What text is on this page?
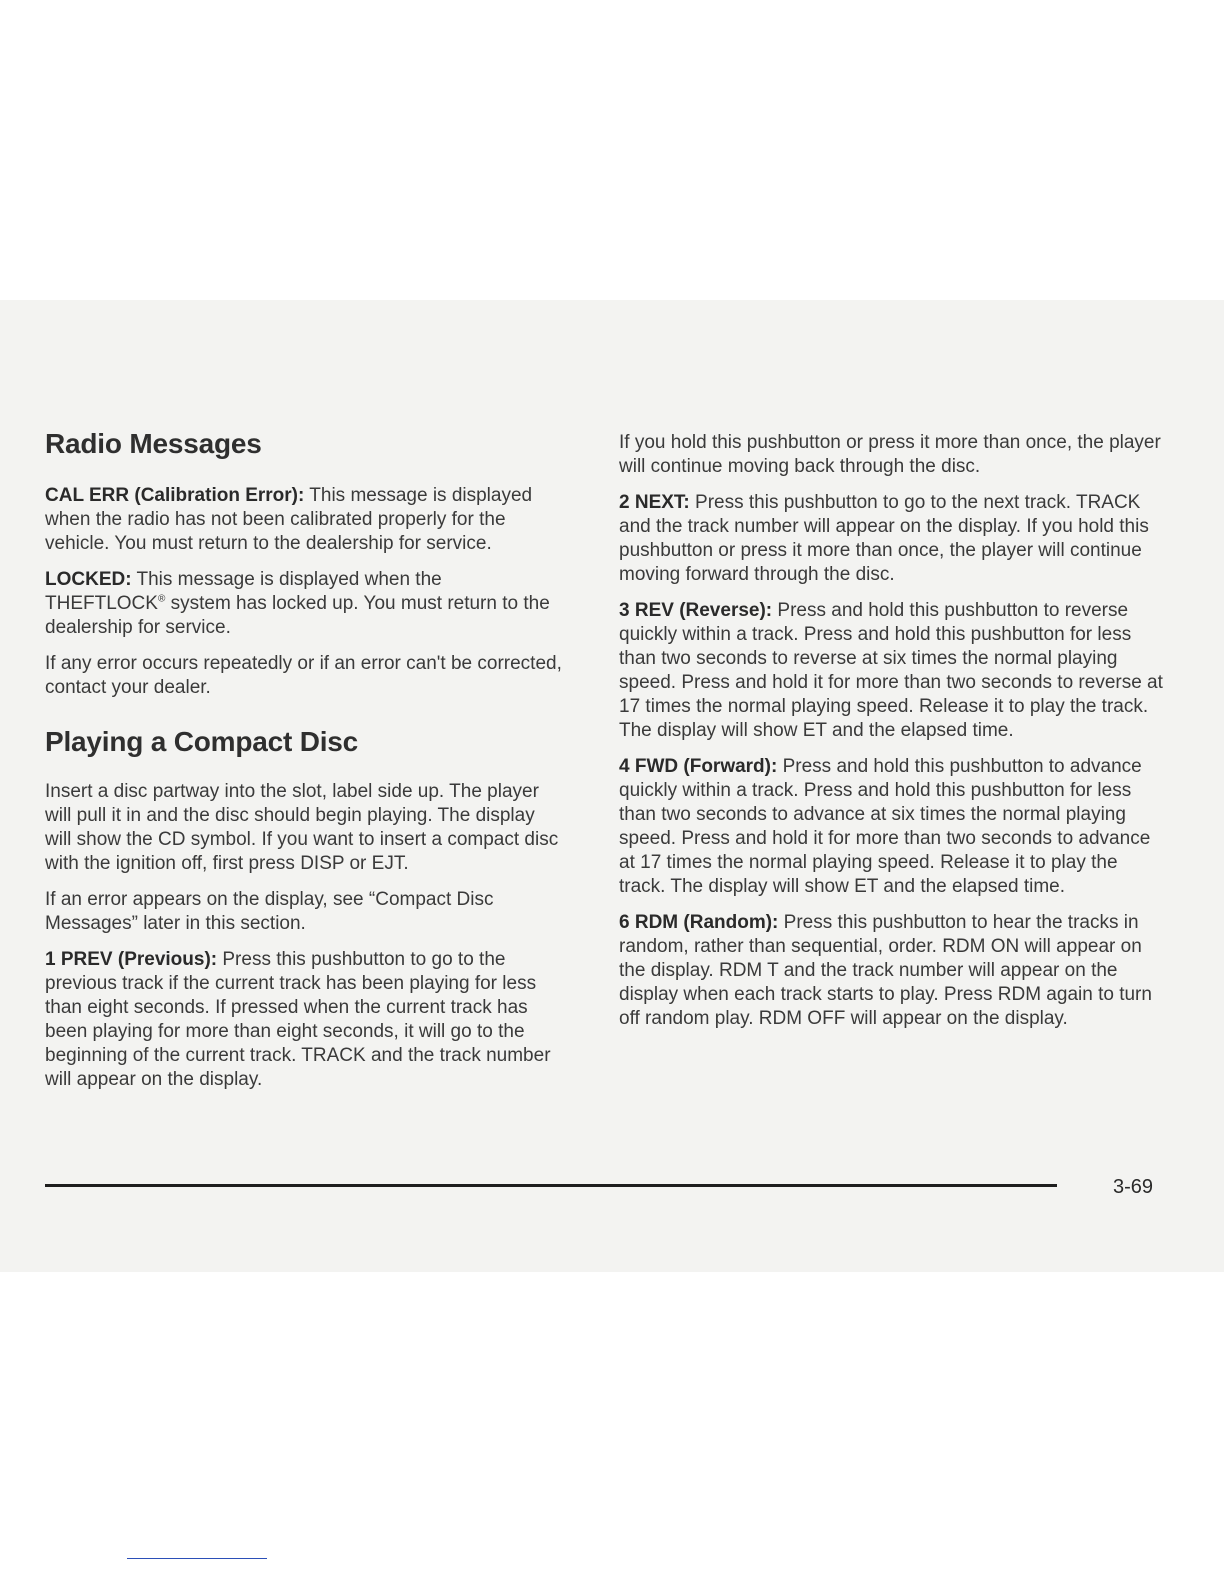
Radio Messages

CAL ERR (Calibration Error): This message is displayed when the radio has not been calibrated properly for the vehicle. You must return to the dealership for service.

LOCKED: This message is displayed when the THEFTLOCK® system has locked up. You must return to the dealership for service.

If any error occurs repeatedly or if an error can't be corrected, contact your dealer.

Playing a Compact Disc

Insert a disc partway into the slot, label side up. The player will pull it in and the disc should begin playing. The display will show the CD symbol. If you want to insert a compact disc with the ignition off, first press DISP or EJT.

If an error appears on the display, see “Compact Disc Messages” later in this section.

1 PREV (Previous): Press this pushbutton to go to the previous track if the current track has been playing for less than eight seconds. If pressed when the current track has been playing for more than eight seconds, it will go to the beginning of the current track. TRACK and the track number will appear on the display.

If you hold this pushbutton or press it more than once, the player will continue moving back through the disc.

2 NEXT: Press this pushbutton to go to the next track. TRACK and the track number will appear on the display. If you hold this pushbutton or press it more than once, the player will continue moving forward through the disc.

3 REV (Reverse): Press and hold this pushbutton to reverse quickly within a track. Press and hold this pushbutton for less than two seconds to reverse at six times the normal playing speed. Press and hold it for more than two seconds to reverse at 17 times the normal playing speed. Release it to play the track. The display will show ET and the elapsed time.

4 FWD (Forward): Press and hold this pushbutton to advance quickly within a track. Press and hold this pushbutton for less than two seconds to advance at six times the normal playing speed. Press and hold it for more than two seconds to advance at 17 times the normal playing speed. Release it to play the track. The display will show ET and the elapsed time.

6 RDM (Random): Press this pushbutton to hear the tracks in random, rather than sequential, order. RDM ON will appear on the display. RDM T and the track number will appear on the display when each track starts to play. Press RDM again to turn off random play. RDM OFF will appear on the display.

3-69
